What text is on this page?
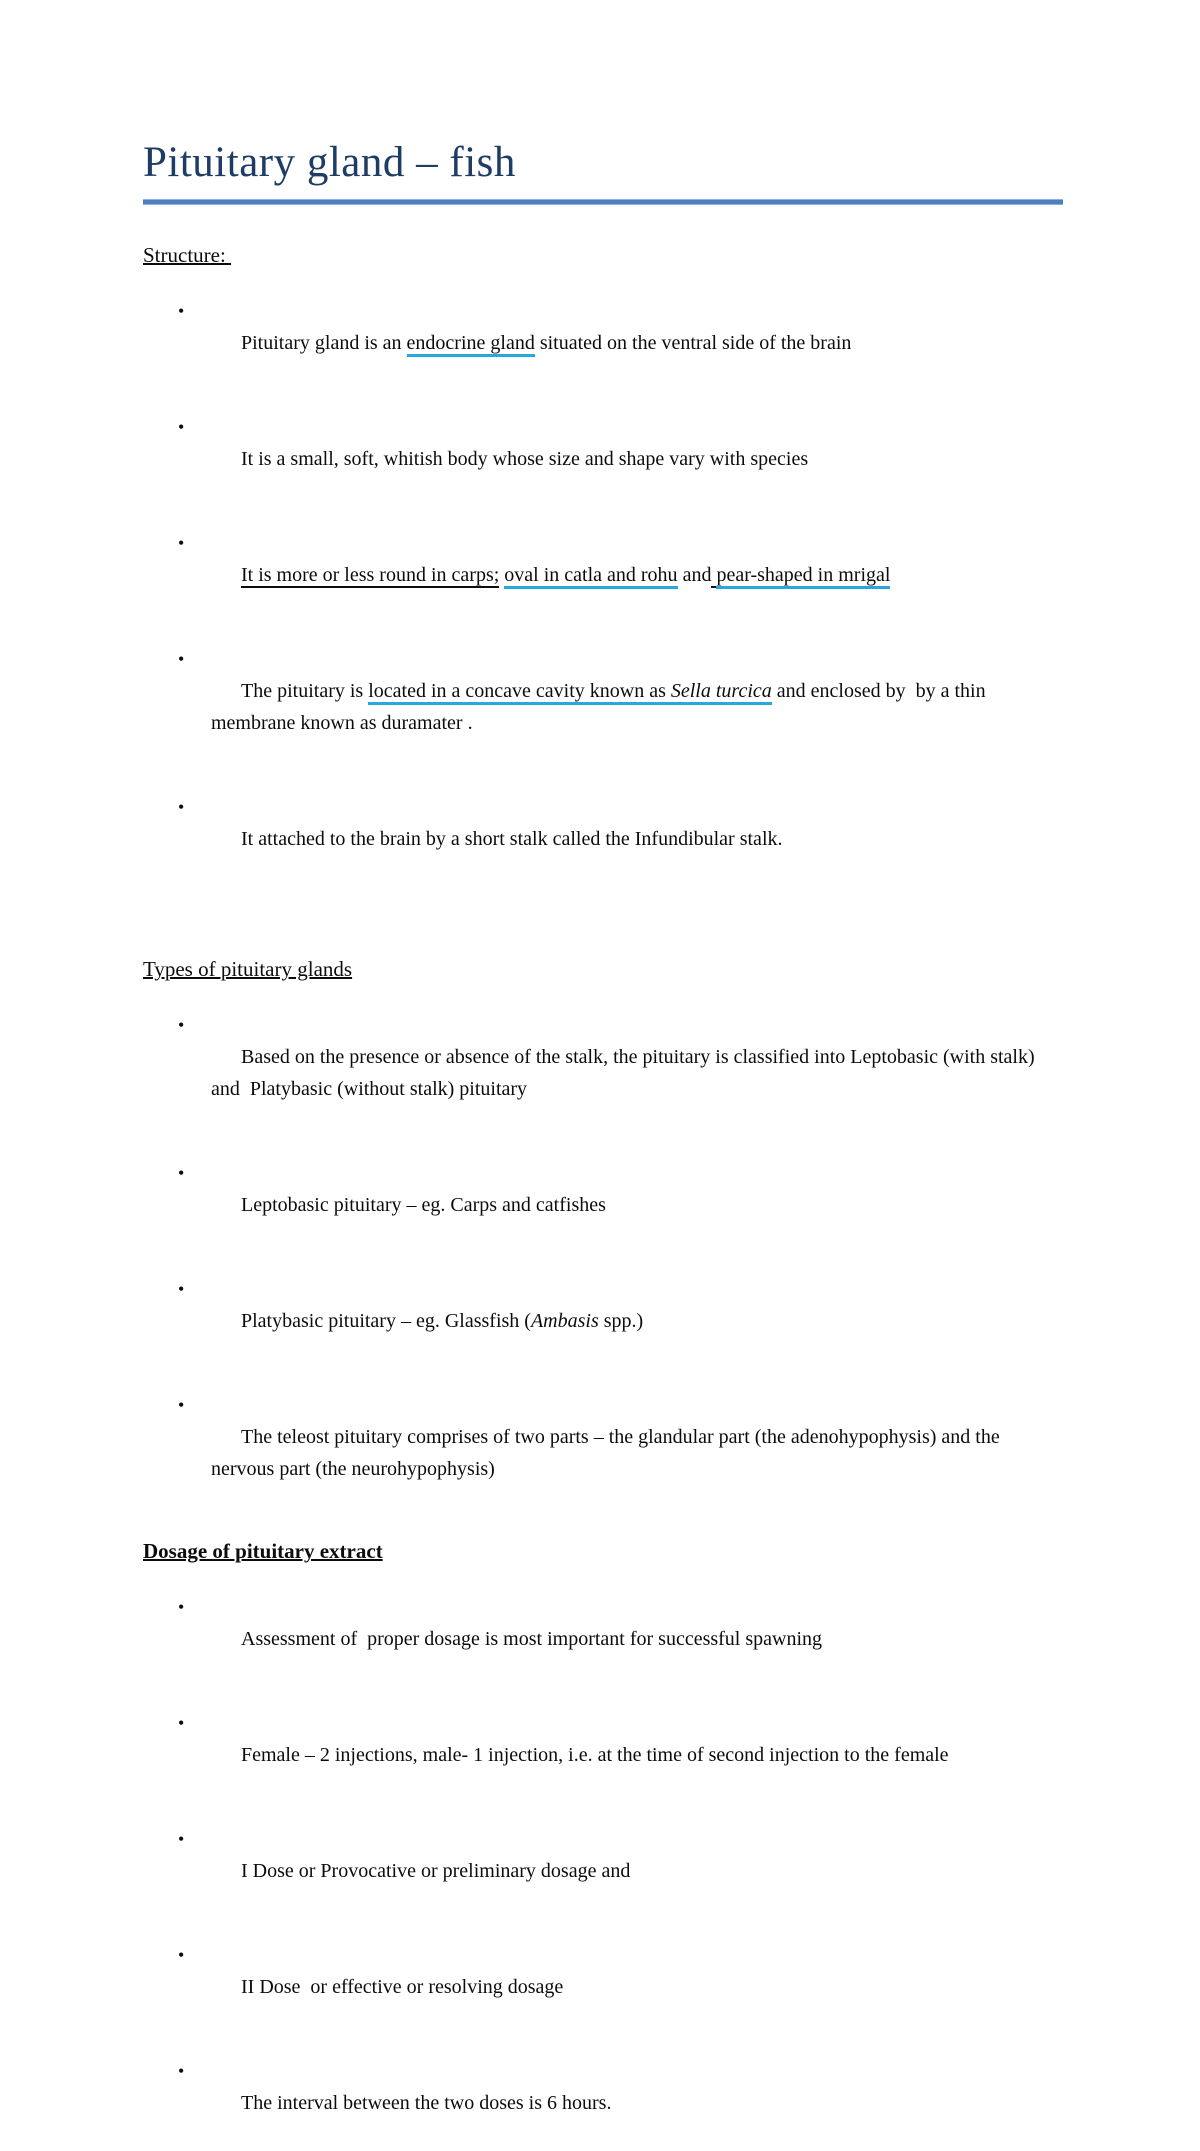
Pituitary gland – fish
Structure:

• Pituitary gland is an endocrine gland situated on the ventral side of the brain

• It is a small, soft, whitish body whose size and shape vary with species

• It is more or less round in carps; oval in catla and rohu and pear-shaped in mrigal

• The pituitary is located in a concave cavity known as Sella turcica and enclosed by  by a thin membrane known as duramater .

• It attached to the brain by a short stalk called the Infundibular stalk.

Types of pituitary glands

• Based on the presence or absence of the stalk, the pituitary is classified into Leptobasic (with stalk) and  Platybasic (without stalk) pituitary

• Leptobasic pituitary – eg. Carps and catfishes

• Platybasic pituitary – eg. Glassfish (Ambasis spp.)

• The teleost pituitary comprises of two parts – the glandular part (the adenohypophysis) and the nervous part (the neurohypophysis)

Dosage of pituitary extract

• Assessment of  proper dosage is most important for successful spawning

• Female – 2 injections, male- 1 injection, i.e. at the time of second injection to the female

• I Dose or Provocative or preliminary dosage and

• II Dose  or effective or resolving dosage

• The interval between the two doses is 6 hours.
